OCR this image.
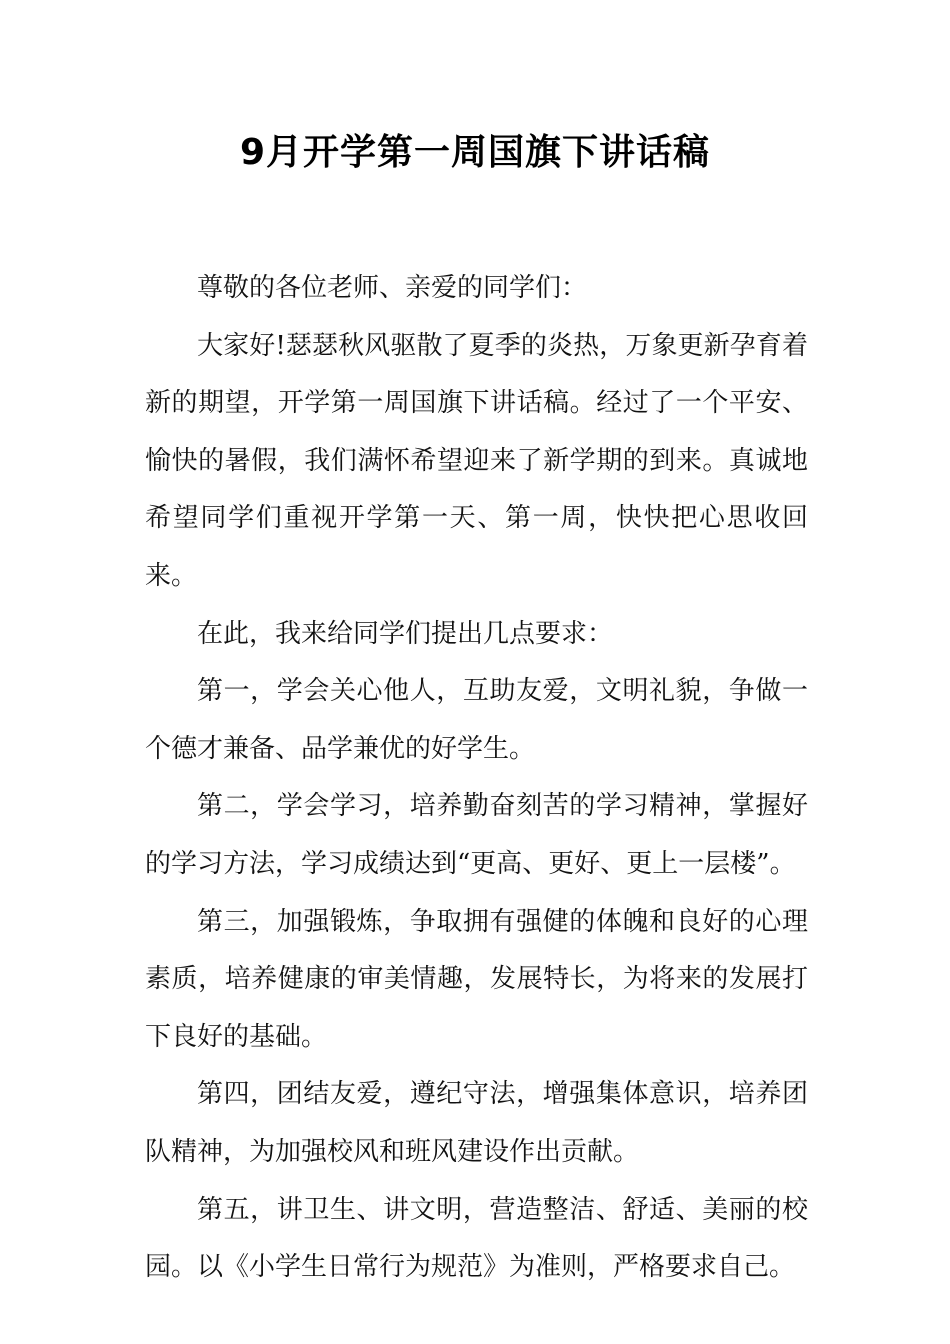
9月开学第一周国旗下讲话稿

尊敬的各位老师、亲爱的同学们：

大家好!瑟瑟秋风驱散了夏季的炎热，万象更新孕育着新的期望，开学第一周国旗下讲话稿。经过了一个平安、愉快的暑假，我们满怀希望迎来了新学期的到来。真诚地希望同学们重视开学第一天、第一周，快快把心思收回来。

在此，我来给同学们提出几点要求：

第一，学会关心他人，互助友爱，文明礼貌，争做一个德才兼备、品学兼优的好学生。

第二，学会学习，培养勤奋刻苦的学习精神，掌握好的学习方法，学习成绩达到“更高、更好、更上一层楼”。

第三，加强锻炼，争取拥有强健的体魄和良好的心理素质，培养健康的审美情趣，发展特长，为将来的发展打下良好的基础。

第四，团结友爱，遵纪守法，增强集体意识，培养团队精神，为加强校风和班风建设作出贡献。

第五，讲卫生、讲文明，营造整洁、舒适、美丽的校园。以《小学生日常行为规范》为准则，严格要求自己。
